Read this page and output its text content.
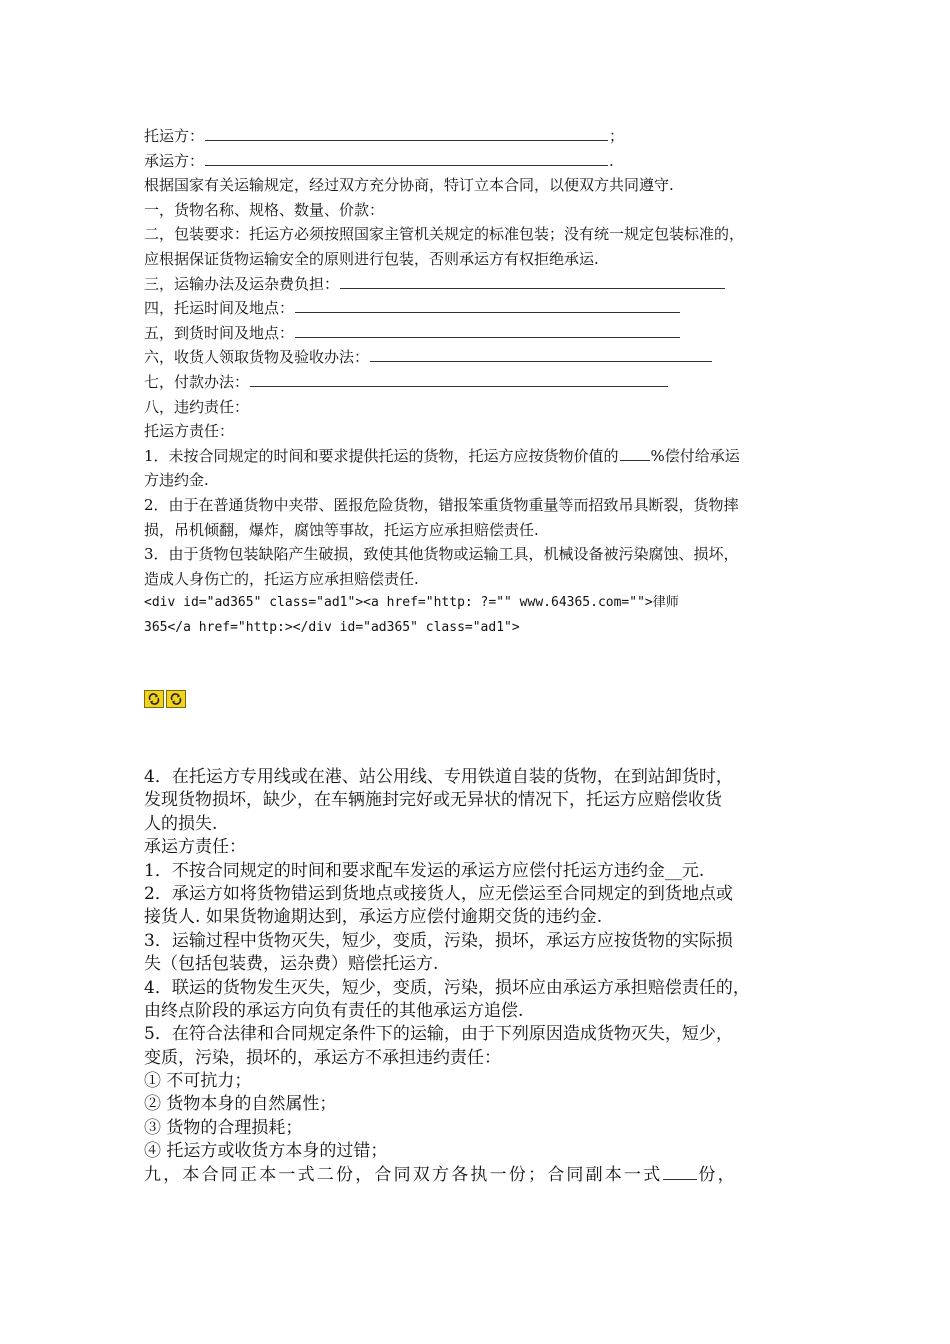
托运方：	；
承运方：	.
根据国家有关运输规定，经过双方充分协商，特订立本合同，以便双方共同遵守.
一，货物名称、规格、数量、价款：
二，包装要求：托运方必须按照国家主管机关规定的标准包装；没有统一规定包装标准的，
应根据保证货物运输安全的原则进行包装，否则承运方有权拒绝承运.
三，运输办法及运杂费负担：
四，托运时间及地点：
五，到货时间及地点：
六，收货人领取货物及验收办法：
七，付款办法：
八，违约责任：
托运方责任：
1．未按合同规定的时间和要求提供托运的货物，托运方应按货物价值的 %偿付给承运
方违约金.
2．由于在普通货物中夹带、匿报危险货物，错报笨重货物重量等而招致吊具断裂，货物摔
损，吊机倾翻，爆炸，腐蚀等事故，托运方应承担赔偿责任.
3．由于货物包装缺陷产生破损，致使其他货物或运输工具，机械设备被污染腐蚀、损坏，
造成人身伤亡的，托运方应承担赔偿责任.
<div id="ad365" class="ad1"><a href="http: ?="" www.64365.com="">律师
365</a href="http:></div id="ad365" class="ad1">
4．在托运方专用线或在港、站公用线、专用铁道自装的货物，在到站卸货时，
发现货物损坏，缺少，在车辆施封完好或无异状的情况下，托运方应赔偿收货
人的损失.
承运方责任：
1．不按合同规定的时间和要求配车发运的承运方应偿付托运方违约金__元.
2．承运方如将货物错运到货地点或接货人，应无偿运至合同规定的到货地点或
接货人. 如果货物逾期达到，承运方应偿付逾期交货的违约金.
3．运输过程中货物灭失，短少，变质，污染，损坏，承运方应按货物的实际损
失（包括包装费，运杂费）赔偿托运方.
4．联运的货物发生灭失，短少，变质，污染，损坏应由承运方承担赔偿责任的，
由终点阶段的承运方向负有责任的其他承运方追偿.
5．在符合法律和合同规定条件下的运输，由于下列原因造成货物灭失，短少，
变质，污染，损坏的，承运方不承担违约责任：
① 不可抗力；
② 货物本身的自然属性；
③ 货物的合理损耗；
④ 托运方或收货方本身的过错；
九，本合同正本一式二份，合同双方各执一份；合同副本一式 份，
